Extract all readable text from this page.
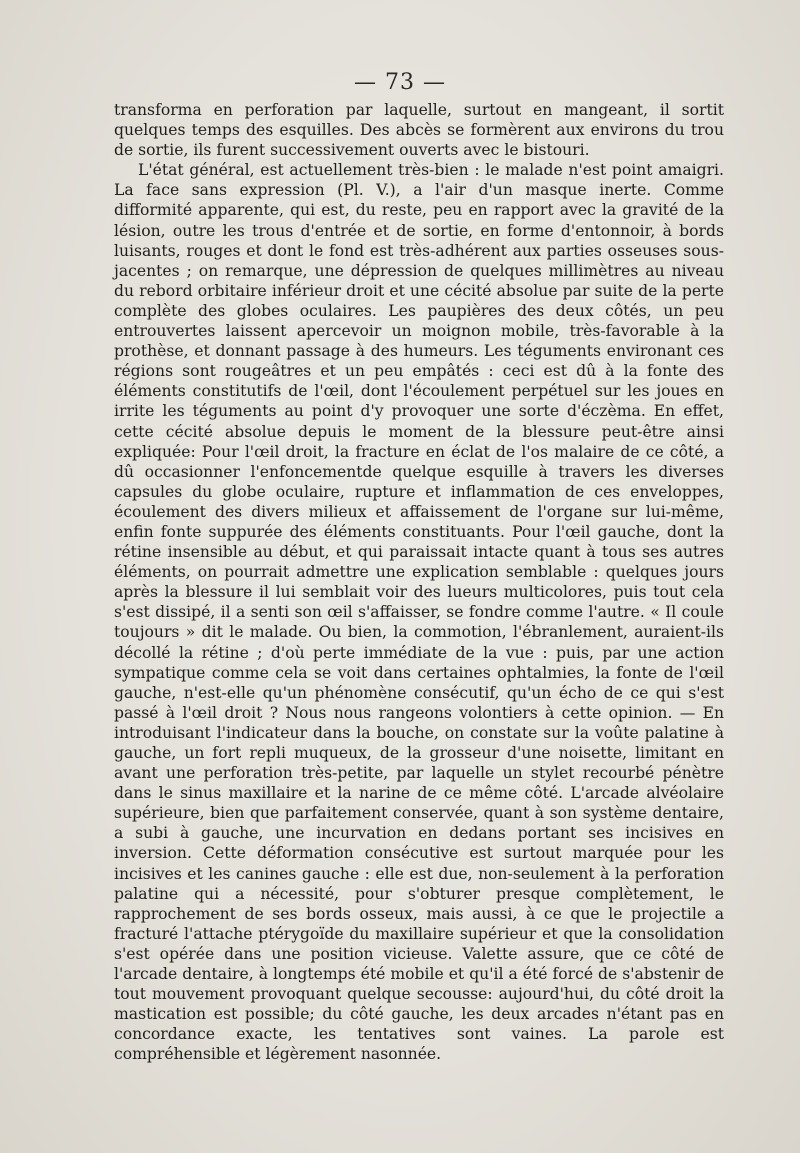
— 73 —

transforma en perforation par laquelle, surtout en mangeant, il sortit quelques temps des esquilles. Des abcès se formèrent aux environs du trou de sortie, ils furent successivement ouverts avec le bistouri.

L'état général, est actuellement très-bien : le malade n'est point amaigri. La face sans expression (Pl. V.), a l'air d'un masque inerte. Comme difformité apparente, qui est, du reste, peu en rapport avec la gravité de la lésion, outre les trous d'entrée et de sortie, en forme d'entonnoir, à bords luisants, rouges et dont le fond est très-adhérent aux parties osseuses sous-jacentes ; on remarque, une dépression de quelques millimètres au niveau du rebord orbitaire inférieur droit et une cécité absolue par suite de la perte complète des globes oculaires. Les paupières des deux côtés, un peu entrouvertes laissent apercevoir un moignon mobile, très-favorable à la prothèse, et donnant passage à des humeurs. Les téguments environant ces régions sont rougeâtres et un peu empâtés : ceci est dû à la fonte des éléments constitutifs de l'œil, dont l'écoulement perpétuel sur les joues en irrite les téguments au point d'y provoquer une sorte d'éczèma. En effet, cette cécité absolue depuis le moment de la blessure peut-être ainsi expliquée: Pour l'œil droit, la fracture en éclat de l'os malaire de ce côté, a dû occasionner l'enfoncementde quelque esquille à travers les diverses capsules du globe oculaire, rupture et inflammation de ces enveloppes, écoulement des divers milieux et affaissement de l'organe sur lui-même, enfin fonte suppurée des éléments constituants. Pour l'œil gauche, dont la rétine insensible au début, et qui paraissait intacte quant à tous ses autres éléments, on pourrait admettre une explication semblable : quelques jours après la blessure il lui semblait voir des lueurs multicolores, puis tout cela s'est dissipé, il a senti son œil s'affaisser, se fondre comme l'autre. « Il coule toujours » dit le malade. Ou bien, la commotion, l'ébranlement, auraient-ils décollé la rétine ; d'où perte immédiate de la vue : puis, par une action sympatique comme cela se voit dans certaines ophtalmies, la fonte de l'œil gauche, n'est-elle qu'un phénomène consécutif, qu'un écho de ce qui s'est passé à l'œil droit ? Nous nous rangeons volontiers à cette opinion. — En introduisant l'indicateur dans la bouche, on constate sur la voûte palatine à gauche, un fort repli muqueux, de la grosseur d'une noisette, limitant en avant une perforation très-petite, par laquelle un stylet recourbé pénètre dans le sinus maxillaire et la narine de ce même côté. L'arcade alvéolaire supérieure, bien que parfaitement conservée, quant à son système dentaire, a subi à gauche, une incurvation en dedans portant ses incisives en inversion. Cette déformation consécutive est surtout marquée pour les incisives et les canines gauche : elle est due, non-seulement à la perforation palatine qui a nécessité, pour s'obturer presque complètement, le rapprochement de ses bords osseux, mais aussi, à ce que le projectile a fracturé l'attache ptérygoïde du maxillaire supérieur et que la consolidation s'est opérée dans une position vicieuse. Valette assure, que ce côté de l'arcade dentaire, à longtemps été mobile et qu'il a été forcé de s'abstenir de tout mouvement provoquant quelque secousse: aujourd'hui, du côté droit la mastication est possible; du côté gauche, les deux arcades n'étant pas en concordance exacte, les tentatives sont vaines. La parole est compréhensible et légèrement nasonnée.
